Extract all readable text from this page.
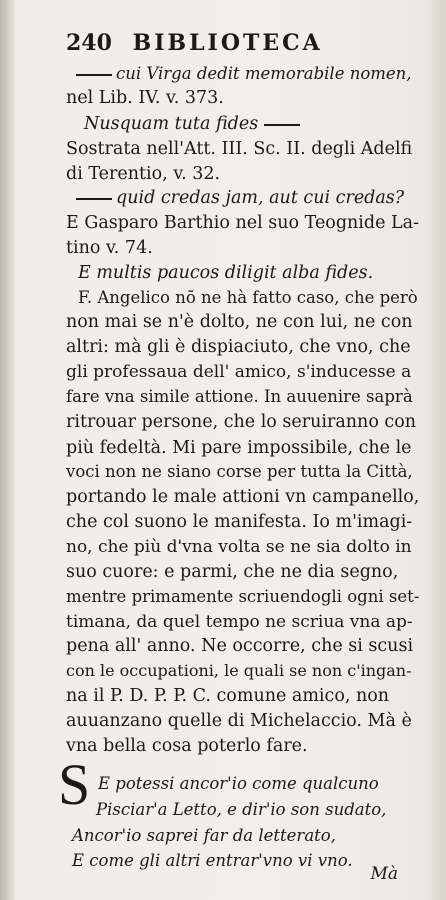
240 BIBLIOTECA
cui Virga dedit memorabile nomen,
nel Lib. IV. v. 373.
Nusquam tuta fides
Sostrata nell'Att. III. Sc. II. degli Adelfi
di Terentio, v. 32.
quid credas jam, aut cui credas?
E Gasparo Barthio nel suo Teognide La-
tino v. 74.
E multis paucos diligit alba fides.
F. Angelico nō ne hà fatto caso, che però
non mai se n'è dolto, ne con lui, ne con
altri: mà gli è dispiaciuto, che vno, che
gli professaua dell' amico, s'inducesse a
fare vna simile attione. In auuenire saprà
ritrouar persone, che lo seruiranno con
più fedeltà. Mi pare impossibile, che le
voci non ne siano corse per tutta la Città,
portando le male attioni vn campanello,
che col suono le manifesta. Io m'imagi-
no, che più d'vna volta se ne sia dolto in
suo cuore: e parmi, che ne dia segno,
mentre primamente scriuendogli ogni set-
timana, da quel tempo ne scriua vna ap-
pena all' anno. Ne occorre, che si scusi
con le occupationi, le quali se non c'ingan-
na il P. D. P. P. C. comune amico, non
auuanzano quelle di Michelaccio. Mà è
vna bella cosa poterlo fare.
S E potessi ancor'io come qualcuno
Pisciar'a Letto, e dir'io son sudato,
Ancor'io saprei far da letterato,
E come gli altri entrar'vno vi vno.
Mà
